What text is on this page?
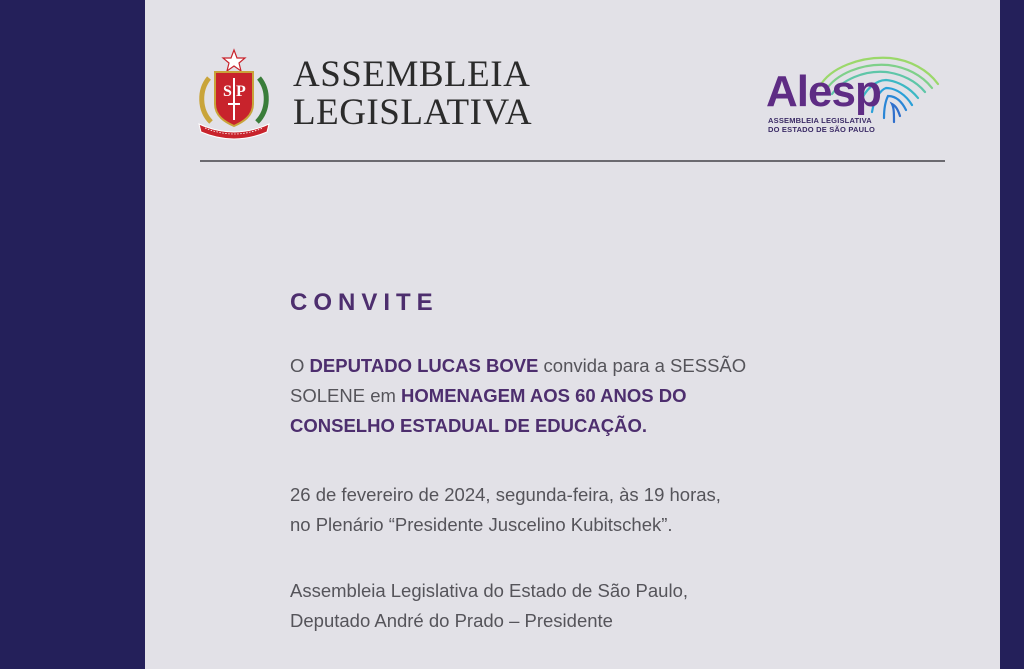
S P ASSEMBLEIA
LEGISLATIVA	Alesp
ASSEMBLEIA LEGISLATIVA
DO ESTADO DE SÃO PAULO
CONVITE
O DEPUTADO LUCAS BOVE convida para a SESSÃO
SOLENE em HOMENAGEM AOS 60 ANOS DO
CONSELHO ESTADUAL DE EDUCAÇÃO.
26 de fevereiro de 2024, segunda-feira, às 19 horas,
no Plenário “Presidente Juscelino Kubitschek”.
Assembleia Legislativa do Estado de São Paulo,
Deputado André do Prado – Presidente
